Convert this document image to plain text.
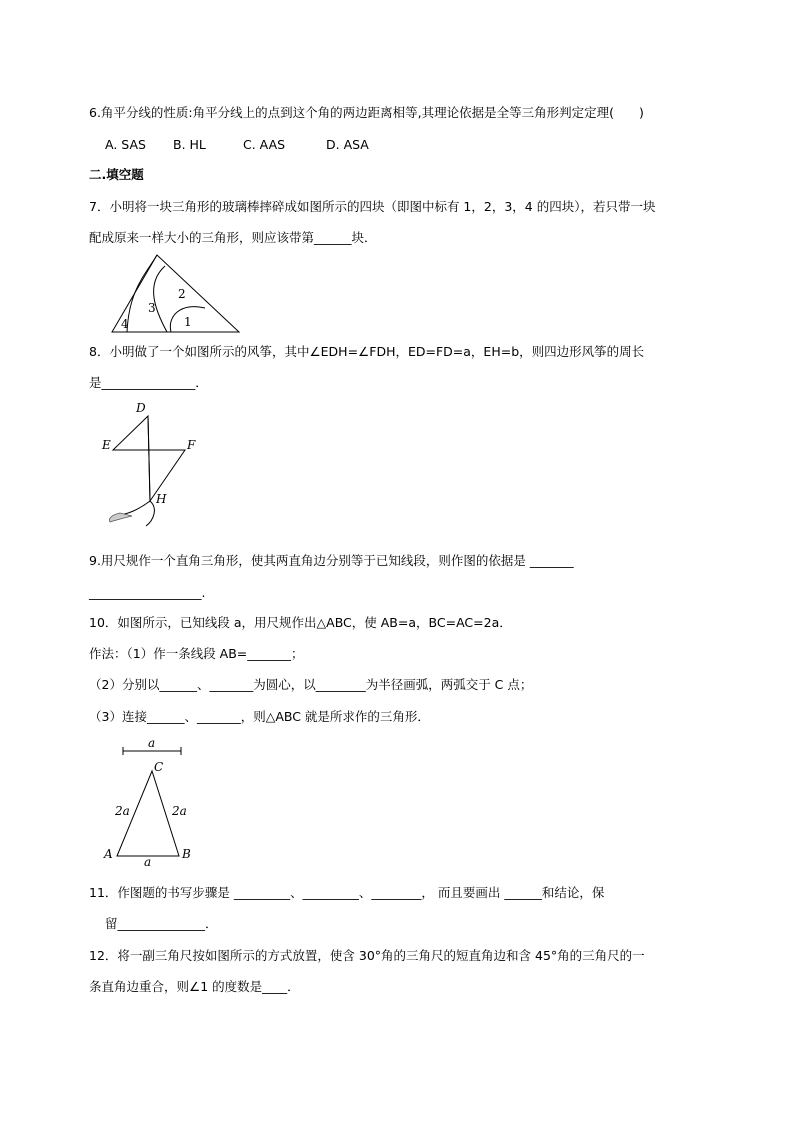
6.角平分线的性质:角平分线上的点到这个角的两边距离相等,其理论依据是全等三角形判定定理(　　)
A. SAS B. HL	C. AAS	D. ASA
二.填空题
7．小明将一块三角形的玻璃棒摔碎成如图所示的四块（即图中标有 1，2，3，4 的四块），若只带一块
配成原来一样大小的三角形，则应该带第______块．
4
3
2
1
8．小明做了一个如图所示的风筝，其中∠EDH=∠FDH，ED=FD=a，EH=b，则四边形风筝的周长
是_______________．
D
E	F
H
9.用尺规作一个直角三角形，使其两直角边分别等于已知线段，则作图的依据是 _______
__________________.
10．如图所示，已知线段 a，用尺规作出△ABC，使 AB=a，BC=AC=2a．
作法：（1）作一条线段 AB=_______；
（2）分别以______、_______为圆心，以________为半径画弧，两弧交于 C 点；
（3）连接______、_______，则△ABC 就是所求作的三角形．
a
C
2a	2a
A	B
a
11．作图题的书写步骤是 _________、_________、________， 而且要画出 ______和结论，保
留______________．
12．将一副三角尺按如图所示的方式放置，使含 30°角的三角尺的短直角边和含 45°角的三角尺的一
条直角边重合，则∠1 的度数是____．
